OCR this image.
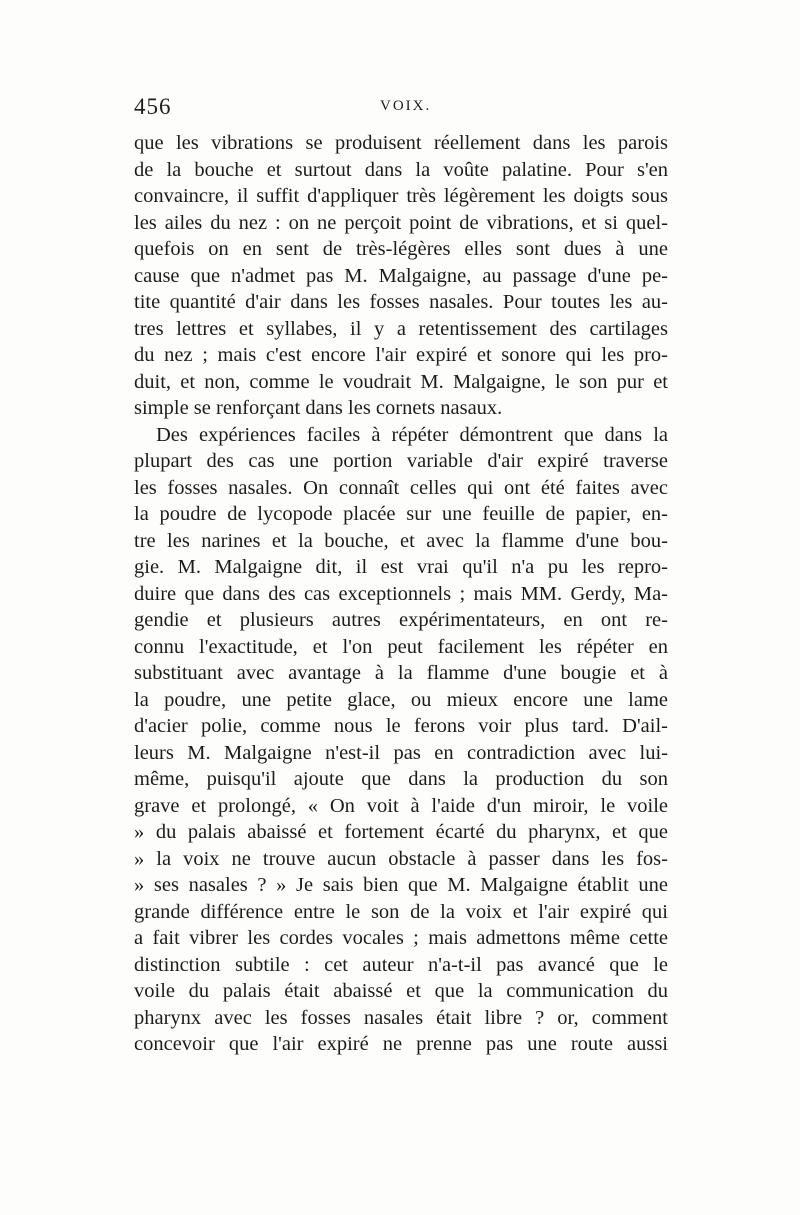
456	VOIX.
que les vibrations se produisent réellement dans les parois
de la bouche et surtout dans la voûte palatine. Pour s'en
convaincre, il suffit d'appliquer très légèrement les doigts sous
les ailes du nez : on ne perçoit point de vibrations, et si quel-
quefois on en sent de très-légères elles sont dues à une
cause que n'admet pas M. Malgaigne, au passage d'une pe-
tite quantité d'air dans les fosses nasales. Pour toutes les au-
tres lettres et syllabes, il y a retentissement des cartilages
du nez ; mais c'est encore l'air expiré et sonore qui les pro-
duit, et non, comme le voudrait M. Malgaigne, le son pur et
simple se renforçant dans les cornets nasaux.
Des expériences faciles à répéter démontrent que dans la
plupart des cas une portion variable d'air expiré traverse
les fosses nasales. On connaît celles qui ont été faites avec
la poudre de lycopode placée sur une feuille de papier, en-
tre les narines et la bouche, et avec la flamme d'une bou-
gie. M. Malgaigne dit, il est vrai qu'il n'a pu les repro-
duire que dans des cas exceptionnels ; mais MM. Gerdy, Ma-
gendie et plusieurs autres expérimentateurs, en ont re-
connu l'exactitude, et l'on peut facilement les répéter en
substituant avec avantage à la flamme d'une bougie et à
la poudre, une petite glace, ou mieux encore une lame
d'acier polie, comme nous le ferons voir plus tard. D'ail-
leurs M. Malgaigne n'est-il pas en contradiction avec lui-
même, puisqu'il ajoute que dans la production du son
grave et prolongé, « On voit à l'aide d'un miroir, le voile
» du palais abaissé et fortement écarté du pharynx, et que
» la voix ne trouve aucun obstacle à passer dans les fos-
» ses nasales ? » Je sais bien que M. Malgaigne établit une
grande différence entre le son de la voix et l'air expiré qui
a fait vibrer les cordes vocales ; mais admettons même cette
distinction subtile : cet auteur n'a-t-il pas avancé que le
voile du palais était abaissé et que la communication du
pharynx avec les fosses nasales était libre ? or, comment
concevoir que l'air expiré ne prenne pas une route aussi
